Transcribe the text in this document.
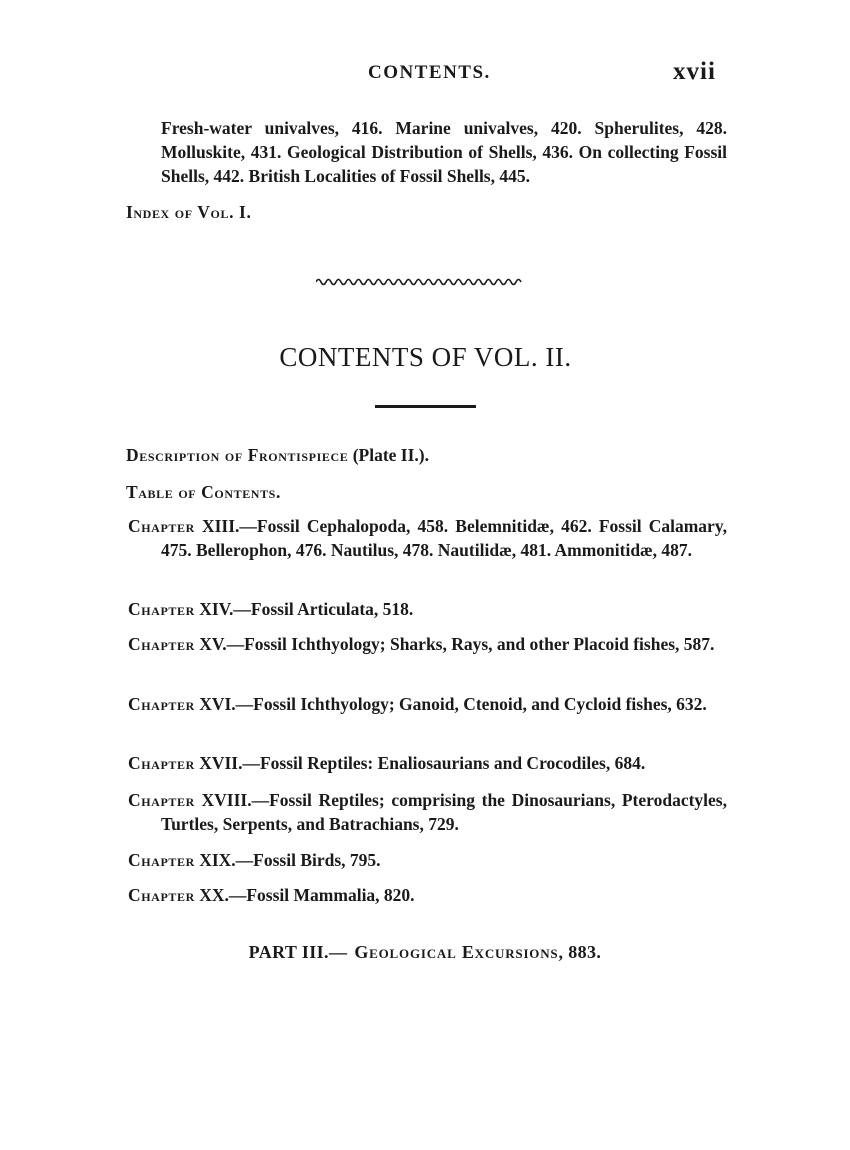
CONTENTS.	xvii
Fresh-water univalves, 416. Marine univalves, 420. Spherulites, 428. Molluskite, 431. Geological Distribution of Shells, 436. On collecting Fossil Shells, 442. British Localities of Fossil Shells, 445.
Index of Vol. I.
CONTENTS OF VOL. II.
Description of Frontispiece (Plate II.).
Table of Contents.
Chapter XIII.—Fossil Cephalopoda, 458. Belemnitidæ, 462. Fossil Calamary, 475. Bellerophon, 476. Nautilus, 478. Nautilidæ, 481. Ammonitidæ, 487.
Chapter XIV.—Fossil Articulata, 518.
Chapter XV.—Fossil Ichthyology; Sharks, Rays, and other Placoid fishes, 587.
Chapter XVI.—Fossil Ichthyology; Ganoid, Ctenoid, and Cycloid fishes, 632.
Chapter XVII.—Fossil Reptiles: Enaliosaurians and Crocodiles, 684.
Chapter XVIII.—Fossil Reptiles; comprising the Dinosaurians, Pterodactyles, Turtles, Serpents, and Batrachians, 729.
Chapter XIX.—Fossil Birds, 795.
Chapter XX.—Fossil Mammalia, 820.
PART III.— Geological Excursions, 883.
